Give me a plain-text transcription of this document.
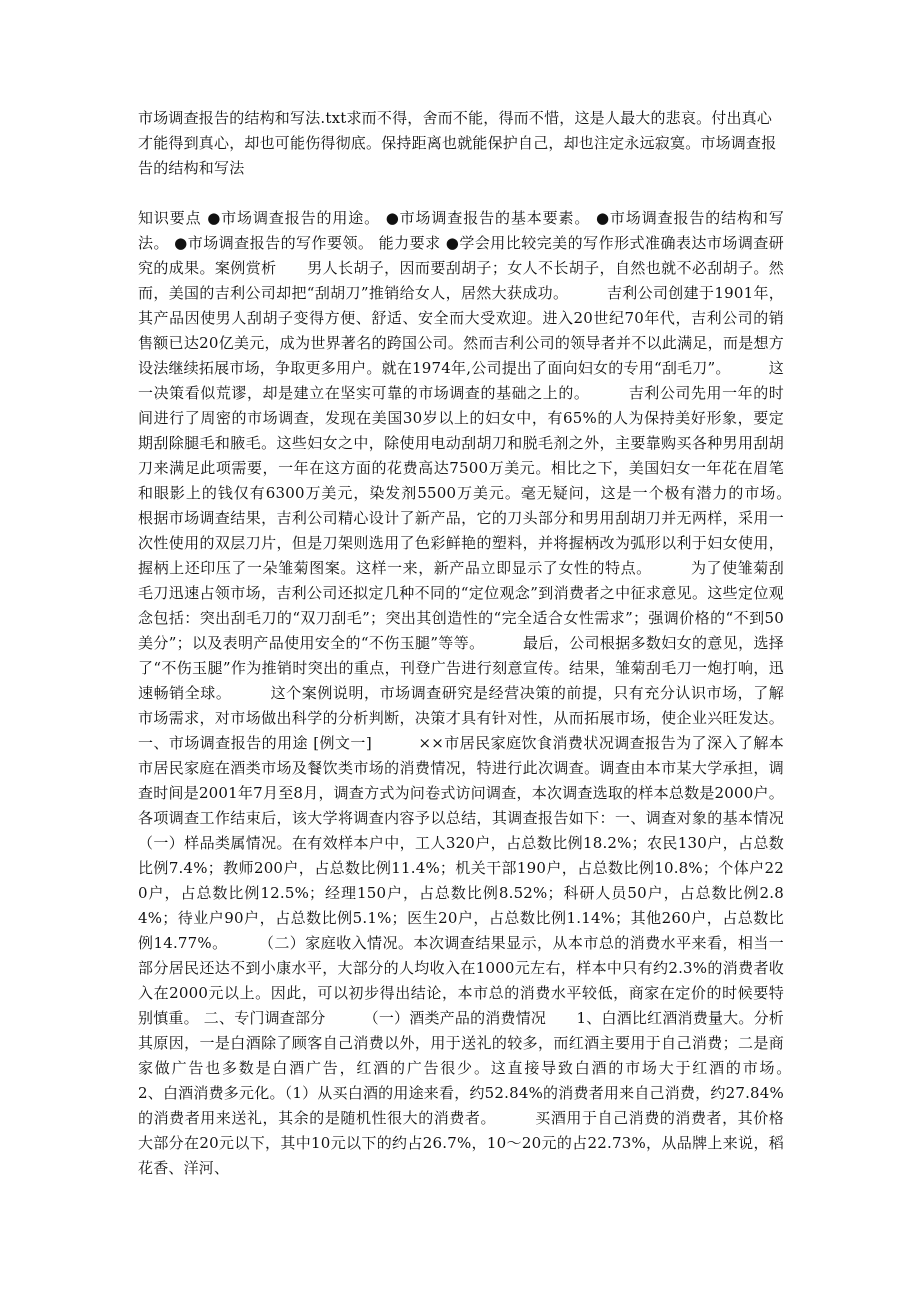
市场调查报告的结构和写法.txt求而不得，舍而不能，得而不惜，这是人最大的悲哀。付出真心才能得到真心，却也可能伤得彻底。保持距离也就能保护自己，却也注定永远寂寞。市场调查报告的结构和写法

知识要点 ●市场调查报告的用途。 ●市场调查报告的基本要素。 ●市场调查报告的结构和写法。 ●市场调查报告的写作要领。 能力要求 ●学会用比较完美的写作形式准确表达市场调查研究的成果。案例赏析　　男人长胡子，因而要刮胡子；女人不长胡子，自然也就不必刮胡子。然而，美国的吉利公司却把“刮胡刀”推销给女人，居然大获成功。　　　吉利公司创建于1901年，其产品因使男人刮胡子变得方便、舒适、安全而大受欢迎。进入20世纪70年代，吉利公司的销售额已达20亿美元，成为世界著名的跨国公司。然而吉利公司的领导者并不以此满足，而是想方设法继续拓展市场，争取更多用户。就在1974年,公司提出了面向妇女的专用“刮毛刀”。　　　这一决策看似荒谬，却是建立在坚实可靠的市场调查的基础之上的。　　　吉利公司先用一年的时间进行了周密的市场调查，发现在美国30岁以上的妇女中，有65%的人为保持美好形象，要定期刮除腿毛和腋毛。这些妇女之中，除使用电动刮胡刀和脱毛剂之外，主要靠购买各种男用刮胡刀来满足此项需要，一年在这方面的花费高达7500万美元。相比之下，美国妇女一年花在眉笔和眼影上的钱仅有6300万美元，染发剂5500万美元。毫无疑问，这是一个极有潜力的市场。　　　根据市场调查结果，吉利公司精心设计了新产品，它的刀头部分和男用刮胡刀并无两样，采用一次性使用的双层刀片，但是刀架则选用了色彩鲜艳的塑料，并将握柄改为弧形以利于妇女使用，握柄上还印压了一朵雏菊图案。这样一来，新产品立即显示了女性的特点。　　　为了使雏菊刮毛刀迅速占领市场，吉利公司还拟定几种不同的“定位观念”到消费者之中征求意见。这些定位观念包括：突出刮毛刀的“双刀刮毛”；突出其创造性的“完全适合女性需求”；强调价格的“不到50美分”；以及表明产品使用安全的“不伤玉腿”等等。　　　最后，公司根据多数妇女的意见，选择了“不伤玉腿”作为推销时突出的重点，刊登广告进行刻意宣传。结果，雏菊刮毛刀一炮打响，迅速畅销全球。　　　这个案例说明，市场调查研究是经营决策的前提，只有充分认识市场，了解市场需求，对市场做出科学的分析判断，决策才具有针对性，从而拓展市场，使企业兴旺发达。 一、市场调查报告的用途 [例文一]　　　××市居民家庭饮食消费状况调查报告为了深入了解本市居民家庭在酒类市场及餐饮类市场的消费情况，特进行此次调查。调查由本市某大学承担，调查时间是2001年7月至8月，调查方式为问卷式访问调查，本次调查选取的样本总数是2000户。各项调查工作结束后，该大学将调查内容予以总结，其调查报告如下：一、调查对象的基本情况　　（一）样品类属情况。在有效样本户中，工人320户，占总数比例18.2%；农民130户，占总数比例7.4%；教师200户，占总数比例11.4%；机关干部190户，占总数比例10.8%；个体户220户，占总数比例12.5%；经理150户，占总数比例8.52%；科研人员50户，占总数比例2.84%；待业户90户，占总数比例5.1%；医生20户，占总数比例1.14%；其他260户，占总数比例14.77%。　　　（二）家庭收入情况。本次调查结果显示，从本市总的消费水平来看，相当一部分居民还达不到小康水平，大部分的人均收入在1000元左右，样本中只有约2.3%的消费者收入在2000元以上。因此，可以初步得出结论，本市总的消费水平较低，商家在定价的时候要特别慎重。 二、专门调查部分　　　（一）酒类产品的消费情况　　1、白酒比红酒消费量大。分析其原因，一是白酒除了顾客自己消费以外，用于送礼的较多，而红酒主要用于自己消费；二是商家做广告也多数是白酒广告，红酒的广告很少。这直接导致白酒的市场大于红酒的市场。　　　2、白酒消费多元化。（1）从买白酒的用途来看，约52.84%的消费者用来自己消费，约27.84%的消费者用来送礼，其余的是随机性很大的消费者。　　　买酒用于自己消费的消费者，其价格大部分在20元以下，其中10元以下的约占26.7%，10～20元的占22.73%，从品牌上来说，稻花香、洋河、
